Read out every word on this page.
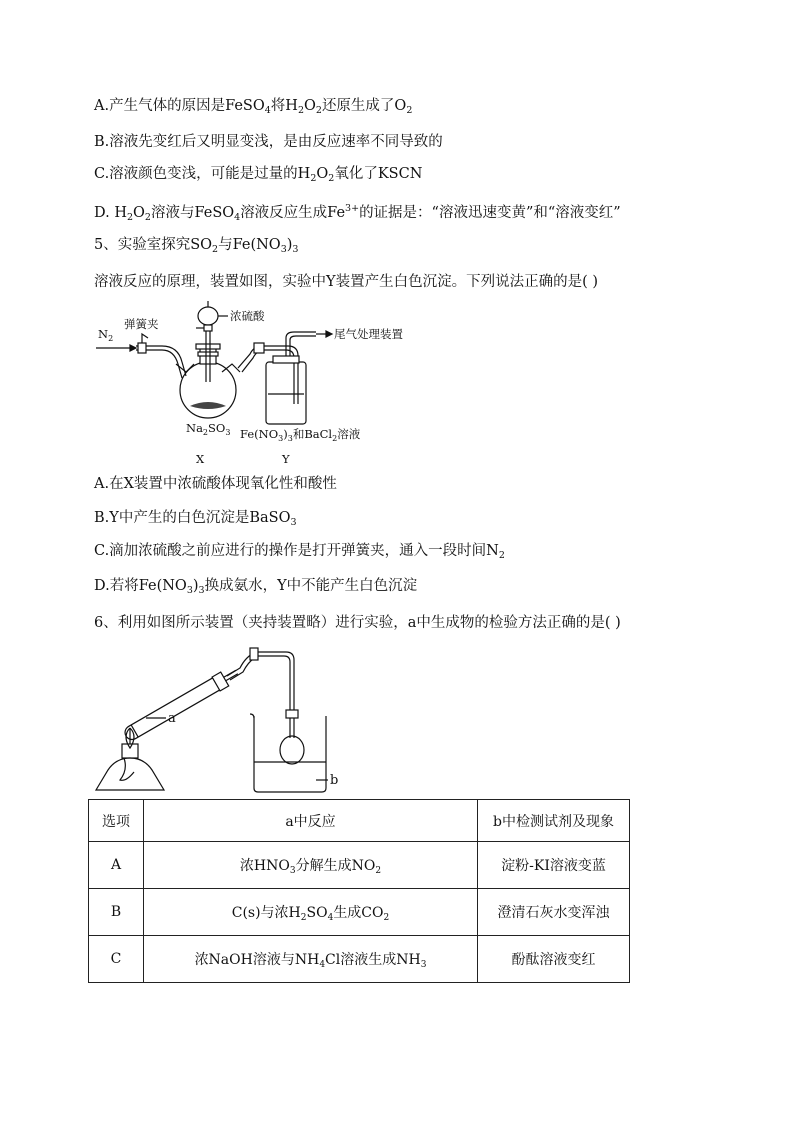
A.产生气体的原因是FeSO$_4$将$H_2O_2$还原生成了$O_2$
B.溶液先变红后又明显变浅，是由反应速率不同导致的
C.溶液颜色变浅，可能是过量的$H_2O_2$氧化了KSCN
D. $H_2O_2$溶液与FeSO$_4$溶液反应生成$Fe^{3+}$的证据是：“溶液迅速变黄”和“溶液变红”
5、实验室探究$SO_2$与$Fe(NO_3)_3$
溶液反应的原理，装置如图，实验中Y装置产生白色沉淀。下列说法正确的是( )
$N_2$
弹簧夹
浓硫酸
尾气处理装置
$Na_2SO_3$ $Fe(NO_3)_3$和BaCl$_2$溶液
X	Y
A.在X装置中浓硫酸体现氧化性和酸性
B.Y中产生的白色沉淀是BaSO$_3$
C.滴加浓硫酸之前应进行的操作是打开弹簧夹，通入一段时间$N_2$
D.若将$Fe(NO_3)_3$换成氨水，Y中不能产生白色沉淀
6、利用如图所示装置（夹持装置略）进行实验，a中生成物的检验方法正确的是( )
a
b
选项	a中反应	b中检测试剂及现象
A	浓$HNO_3$分解生成$NO_2$	淀粉-KI溶液变蓝
B	C(s)与浓$H_2SO_4$生成$CO_2$	澄清石灰水变浑浊
C	浓NaOH溶液与$NH_4Cl$溶液生成$NH_3$	酚酞溶液变红
